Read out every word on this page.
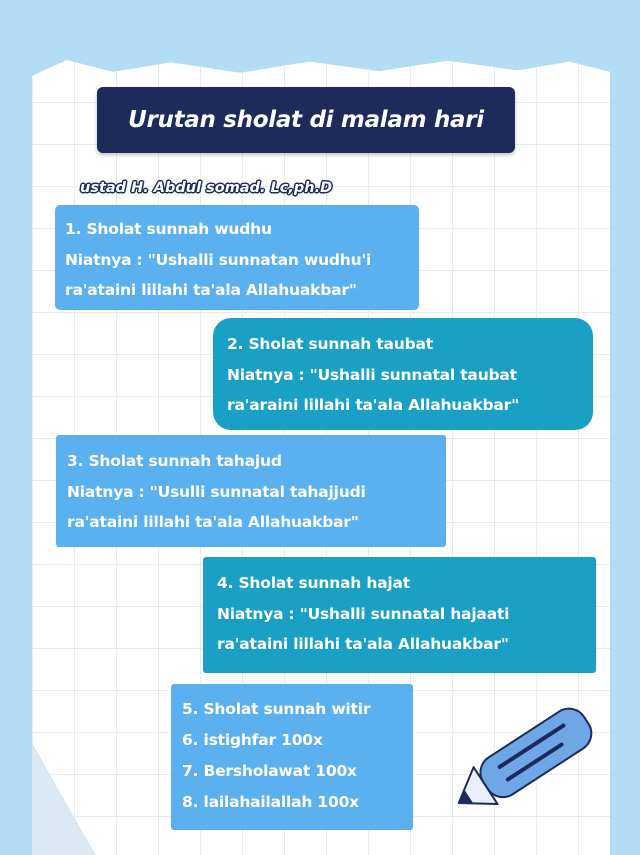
Urutan sholat di malam hari
ustad H. Abdul somad. Lc,ph.D
1. Sholat sunnah wudhu
Niatnya : "Ushalli sunnatan wudhu'i
ra'ataini lillahi ta'ala Allahuakbar"
2. Sholat sunnah taubat
Niatnya : "Ushalli sunnatal taubat
ra'araini lillahi ta'ala Allahuakbar"
3. Sholat sunnah tahajud
Niatnya : "Usulli sunnatal tahajjudi
ra'ataini lillahi ta'ala Allahuakbar"
4. Sholat sunnah hajat
Niatnya : "Ushalli sunnatal hajaati
ra'ataini lillahi ta'ala Allahuakbar"
5. Sholat sunnah witir
6. istighfar 100x
7. Bersholawat 100x
8. lailahailallah 100x
